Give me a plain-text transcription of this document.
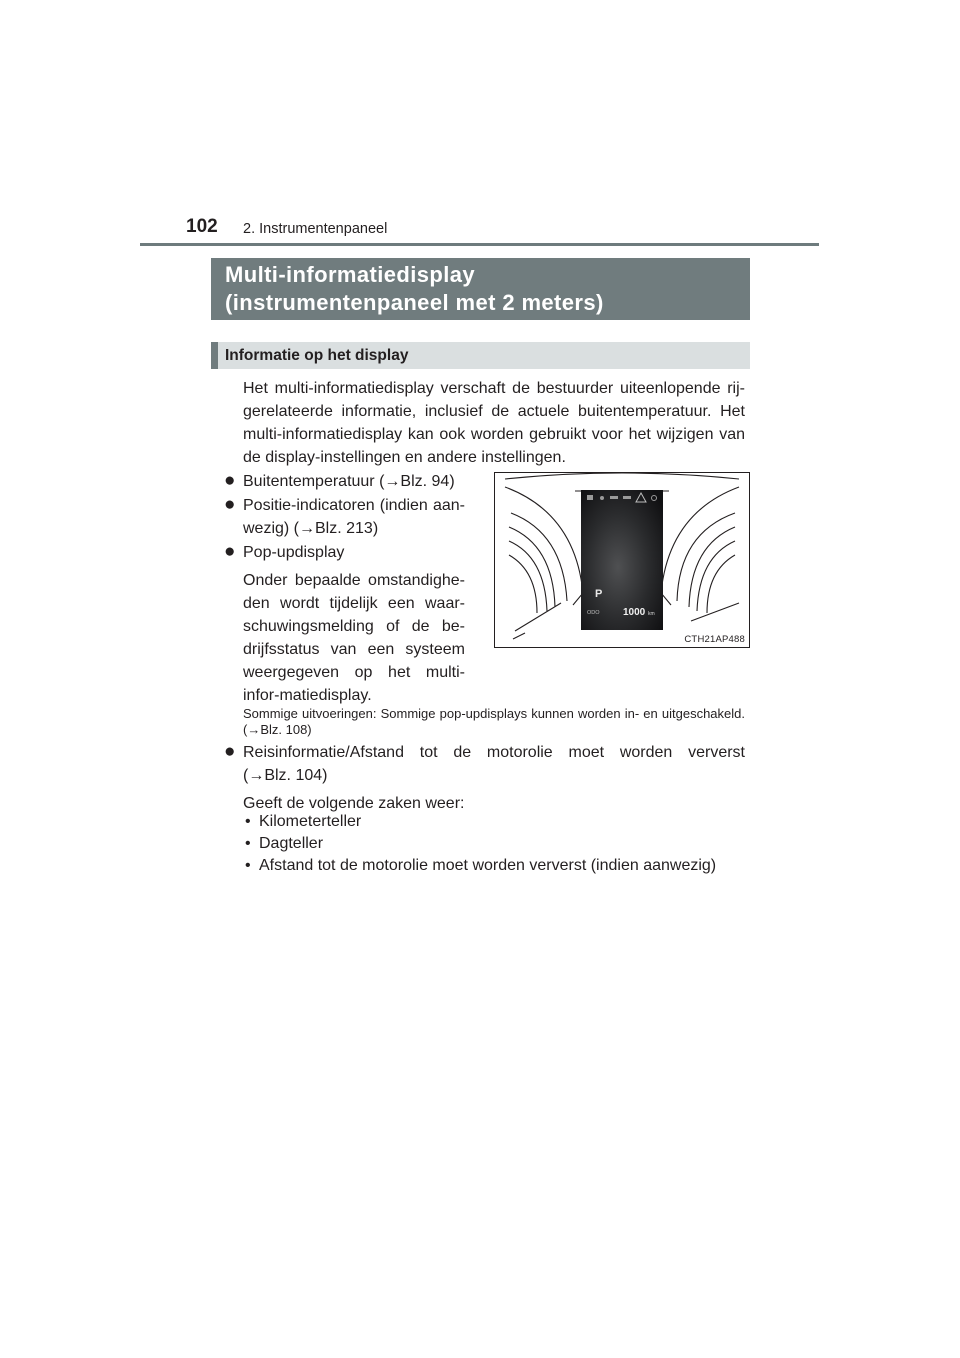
102 2. Instrumentenpaneel
Multi-informatiedisplay
(instrumentenpaneel met 2 meters)
Informatie op het display
Het multi-informatiedisplay verschaft de bestuurder uiteenlopende rij-gerelateerde informatie, inclusief de actuele buitentemperatuur. Het multi-informatiedisplay kan ook worden gebruikt voor het wijzigen van de display-instellingen en andere instellingen.
● Buitentemperatuur (→Blz. 94)
● Positie-indicatoren (indien aan-
wezig) (→Blz. 213)
● Pop-updisplay
Onder bepaalde omstandighe-den wordt tijdelijk een waar-schuwingsmelding of de be-drijfsstatus van een systeem weergegeven op het multi-infor-matiedisplay.
Sommige uitvoeringen: Sommige pop-updisplays kunnen worden in- en uitgeschakeld. (→Blz. 108)
● Reisinformatie/Afstand tot de motorolie moet worden ververst
(→Blz. 104)
Geeft de volgende zaken weer:
• Kilometerteller
• Dagteller
• Afstand tot de motorolie moet worden ververst (indien aanwezig)
P
ODO 1000 km
CTH21AP488
